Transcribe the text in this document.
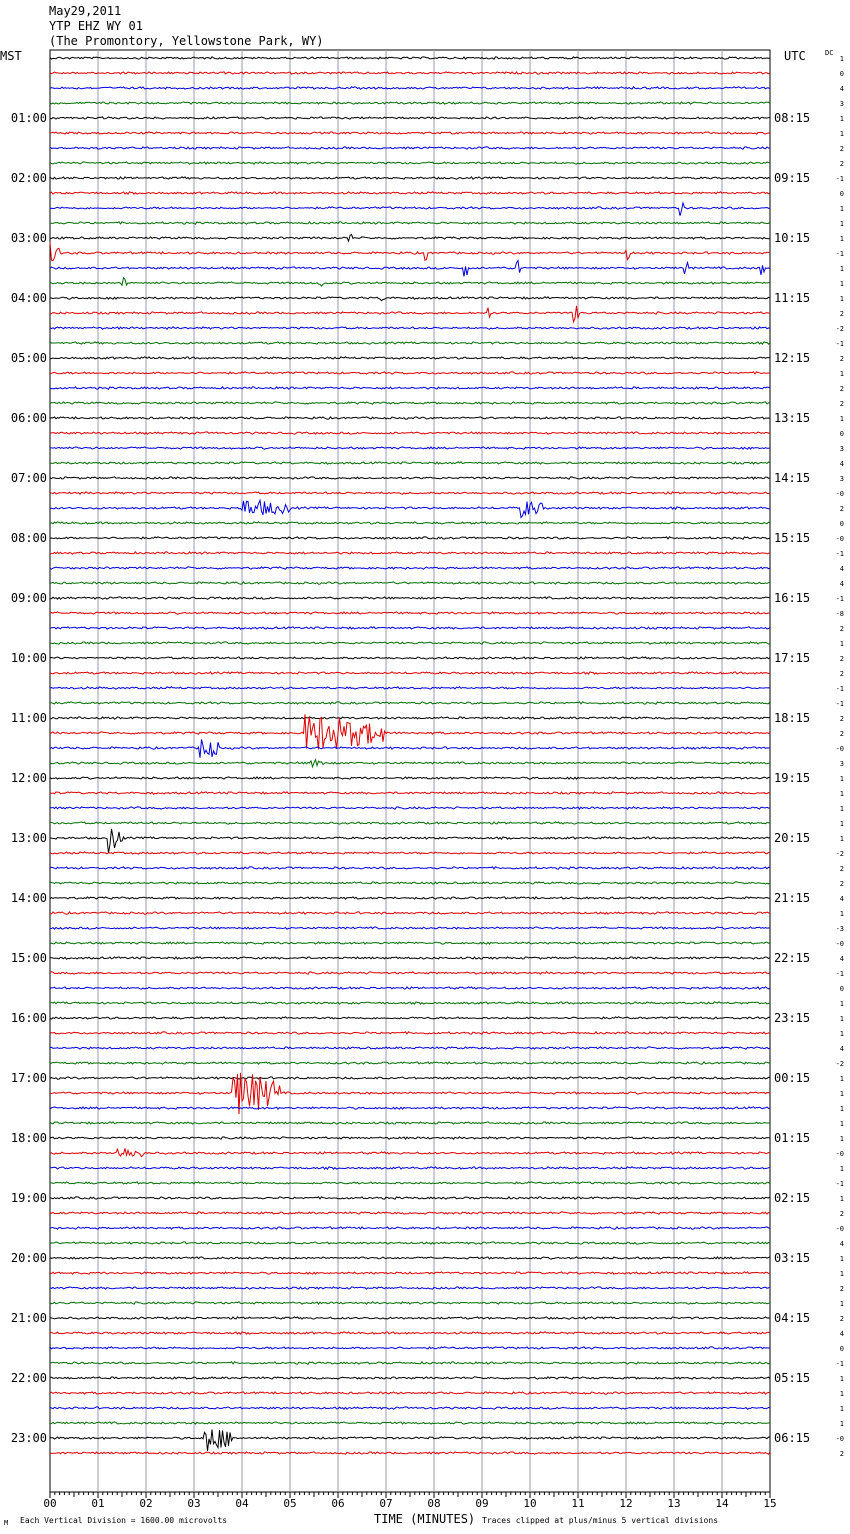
May29,2011
YTP EHZ WY 01
(The Promontory, Yellowstone Park, WY)
MST	UTC	DC
00	01	02	03	04	05	06	07	08	09	10	11	12	13	14	15
1
0
4
3
1
1
2
2
-1
0
1
1
1
-1
1
1
1
2
-2
-1
2
1
2
2
1
0
3
4
3
-0
2
0
-0
-1
4
4
-1
-8
2
1
2
2
-1
-1
2
2
-0
3
1
1
1
1
1
-2
2
2
4
1
-3
-0
4
-1
0
1
1
1
4
-2
1
1
1
1
1
-0
1
-1
1
2
-0
4
1
1
2
1
2
4
0
-1
1
1
1
1
-0
2
01:00
02:00
03:00
04:00
05:00
06:00
07:00
08:00
09:00
10:00
11:00
12:00
13:00
14:00
15:00
16:00
17:00
18:00
19:00
20:00
21:00
22:00
23:00
08:15
09:15
10:15
11:15
12:15
13:15
14:15
15:15
16:15
17:15
18:15
19:15
20:15
21:15
22:15
23:15
00:15
01:15
02:15
03:15
04:15
05:15
06:15
M Each Vertical Division = 1600.00 microvolts	TIME (MINUTES) Traces clipped at plus/minus 5 vertical divisions
